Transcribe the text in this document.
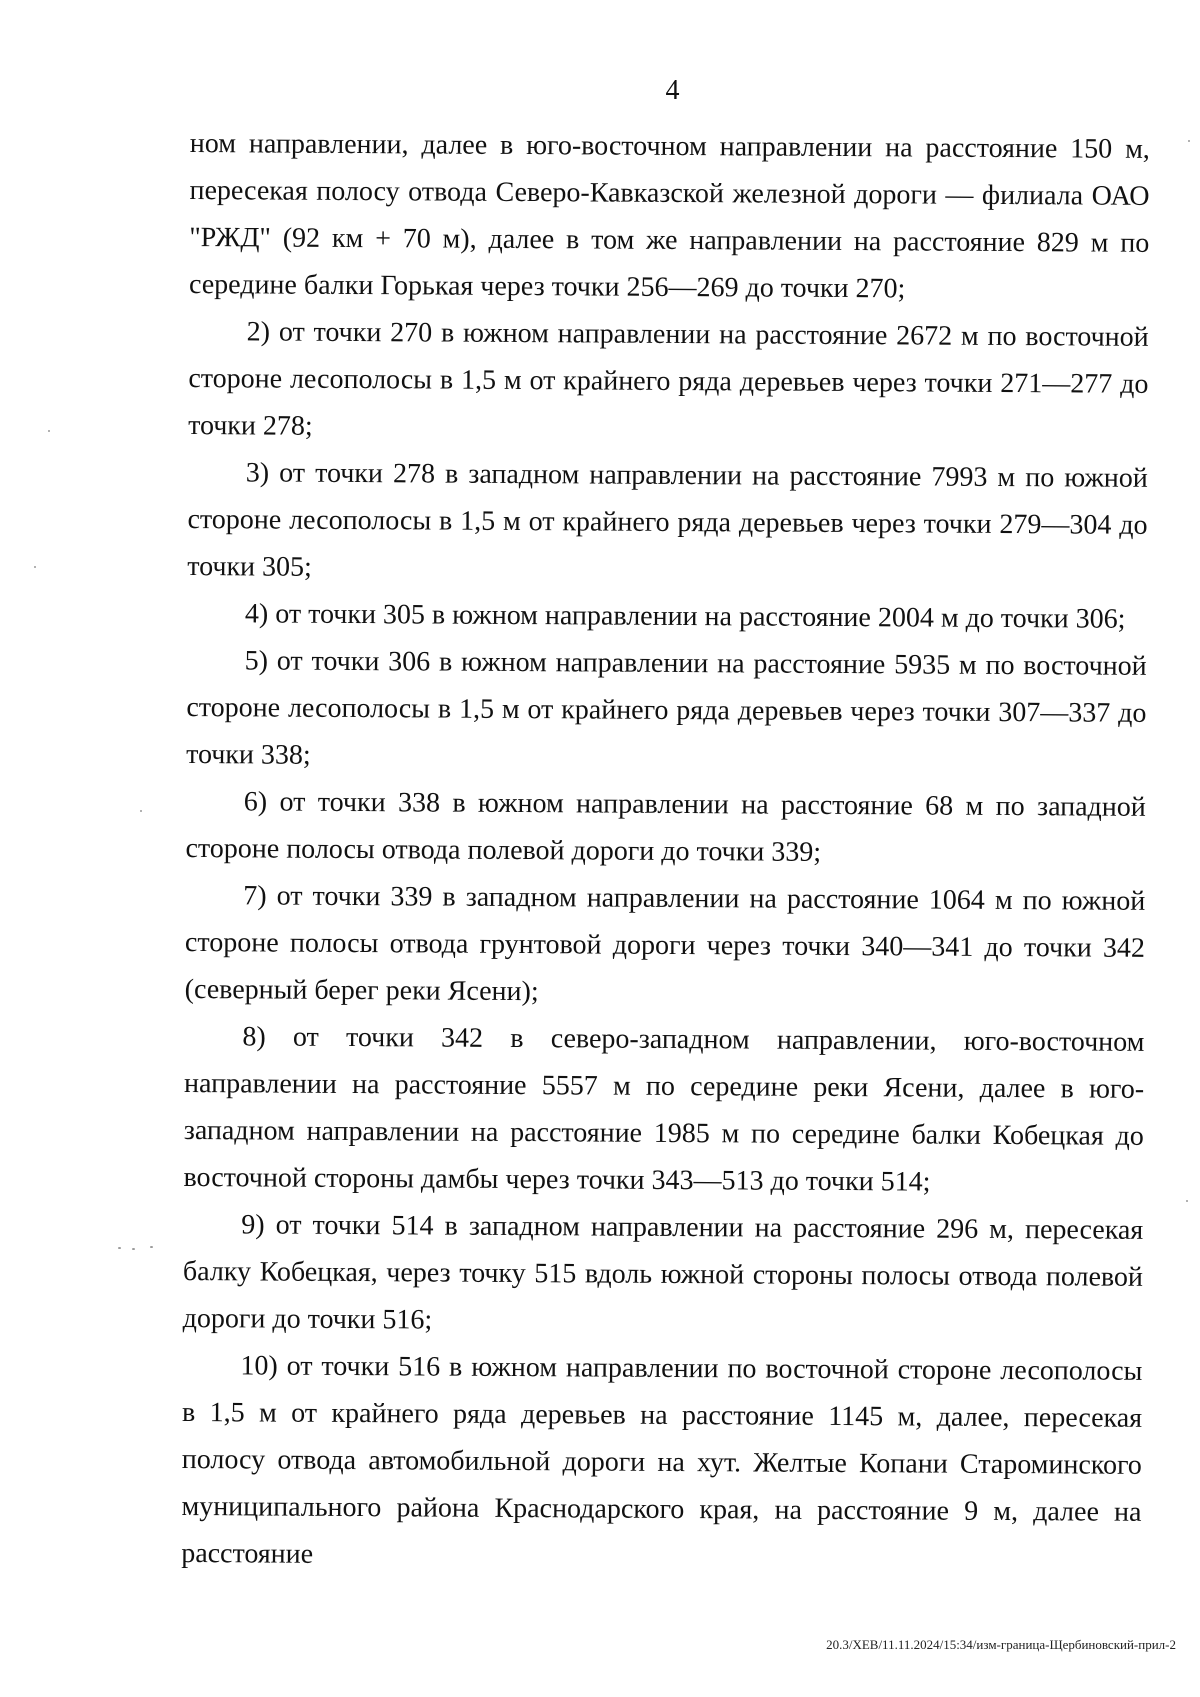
4

ном направлении, далее в юго-восточном направлении на расстояние 150 м, пересекая полосу отвода Северо-Кавказской железной дороги — филиала ОАО "РЖД" (92 км + 70 м), далее в том же направлении на расстояние 829 м по середине балки Горькая через точки 256—269 до точки 270;

2) от точки 270 в южном направлении на расстояние 2672 м по восточной стороне лесополосы в 1,5 м от крайнего ряда деревьев через точки 271—277 до точки 278;

3) от точки 278 в западном направлении на расстояние 7993 м по южной стороне лесополосы в 1,5 м от крайнего ряда деревьев через точки 279—304 до точки 305;

4) от точки 305 в южном направлении на расстояние 2004 м до точки 306;

5) от точки 306 в южном направлении на расстояние 5935 м по восточной стороне лесополосы в 1,5 м от крайнего ряда деревьев через точки 307—337 до точки 338;

6) от точки 338 в южном направлении на расстояние 68 м по западной стороне полосы отвода полевой дороги до точки 339;

7) от точки 339 в западном направлении на расстояние 1064 м по южной стороне полосы отвода грунтовой дороги через точки 340—341 до точки 342 (северный берег реки Ясени);

8) от точки 342 в северо-западном направлении, юго-восточном направлении на расстояние 5557 м по середине реки Ясени, далее в юго-западном направлении на расстояние 1985 м по середине балки Кобецкая до восточной стороны дамбы через точки 343—513 до точки 514;

9) от точки 514 в западном направлении на расстояние 296 м, пересекая балку Кобецкая, через точку 515 вдоль южной стороны полосы отвода полевой дороги до точки 516;

10) от точки 516 в южном направлении по восточной стороне лесополосы в 1,5 м от крайнего ряда деревьев на расстояние 1145 м, далее, пересекая полосу отвода автомобильной дороги на хут. Желтые Копани Староминского муниципального района Краснодарского края, на расстояние 9 м, далее на расстояние

20.3/ХЕВ/11.11.2024/15:34/изм-граница-Щербиновский-прил-2
